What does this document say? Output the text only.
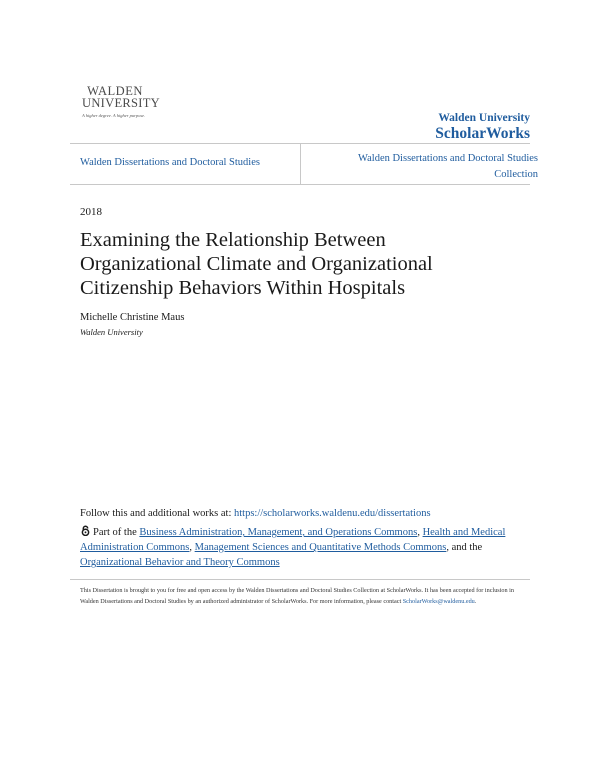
WALDEN
UNIVERSITY
A higher degree. A higher purpose.	Walden University
ScholarWorks
Walden Dissertations and Doctoral Studies	Walden Dissertations and Doctoral Studies Collection
2018
Examining the Relationship Between Organizational Climate and Organizational Citizenship Behaviors Within Hospitals
Michelle Christine Maus
Walden University
Follow this and additional works at: https://scholarworks.waldenu.edu/dissertations
Part of the Business Administration, Management, and Operations Commons, Health and Medical Administration Commons, Management Sciences and Quantitative Methods Commons, and the Organizational Behavior and Theory Commons
This Dissertation is brought to you for free and open access by the Walden Dissertations and Doctoral Studies Collection at ScholarWorks. It has been accepted for inclusion in Walden Dissertations and Doctoral Studies by an authorized administrator of ScholarWorks. For more information, please contact ScholarWorks@waldenu.edu.
